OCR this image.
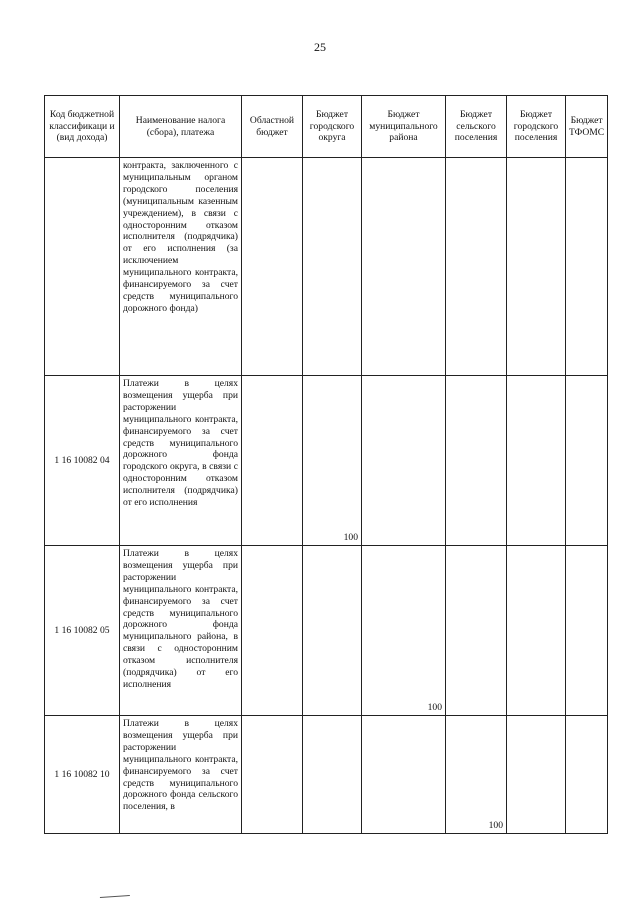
25
Код бюджетной классификаци и (вид дохода)	Наименование налога (сбора), платежа	Областной бюджет	Бюджет городского округа	Бюджет муниципального района	Бюджет сельского поселения	Бюджет городского поселения	Бюджет ТФОМС
	контракта, заключенного с муниципальным органом городского поселения (муниципальным казенным учреждением), в связи с односторонним отказом исполнителя (подрядчика) от его исполнения (за исключением муниципального контракта, финансируемого за счет средств муниципального дорожного фонда)						
1 16 10082 04	Платежи в целях возмещения ущерба при расторжении муниципального контракта, финансируемого за счет средств муниципального дорожного фонда городского округа, в связи с односторонним отказом исполнителя (подрядчика) от его исполнения		100				
1 16 10082 05	Платежи в целях возмещения ущерба при расторжении муниципального контракта, финансируемого за счет средств муниципального дорожного фонда муниципального района, в связи с односторонним отказом исполнителя (подрядчика) от его исполнения			100			
1 16 10082 10	Платежи в целях возмещения ущерба при расторжении муниципального контракта, финансируемого за счет средств муниципального дорожного фонда сельского поселения, в				100		
